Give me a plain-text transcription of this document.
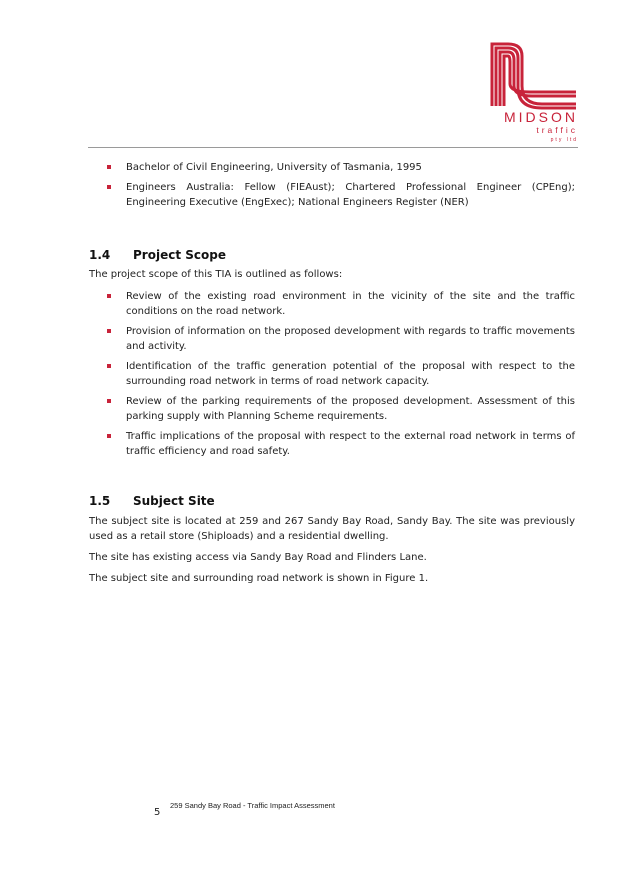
MIDSON
traffic
pty ltd
Bachelor of Civil Engineering, University of Tasmania, 1995
Engineers Australia: Fellow (FIEAust); Chartered Professional Engineer (CPEng); Engineering Executive (EngExec); National Engineers Register (NER)
1.4 Project Scope
The project scope of this TIA is outlined as follows:
Review of the existing road environment in the vicinity of the site and the traffic conditions on the road network.
Provision of information on the proposed development with regards to traffic movements and activity.
Identification of the traffic generation potential of the proposal with respect to the surrounding road network in terms of road network capacity.
Review of the parking requirements of the proposed development. Assessment of this parking supply with Planning Scheme requirements.
Traffic implications of the proposal with respect to the external road network in terms of traffic efficiency and road safety.
1.5 Subject Site
The subject site is located at 259 and 267 Sandy Bay Road, Sandy Bay. The site was previously used as a retail store (Shiploads) and a residential dwelling.
The site has existing access via Sandy Bay Road and Flinders Lane.
The subject site and surrounding road network is shown in Figure 1.
5
259 Sandy Bay Road - Traffic Impact Assessment
